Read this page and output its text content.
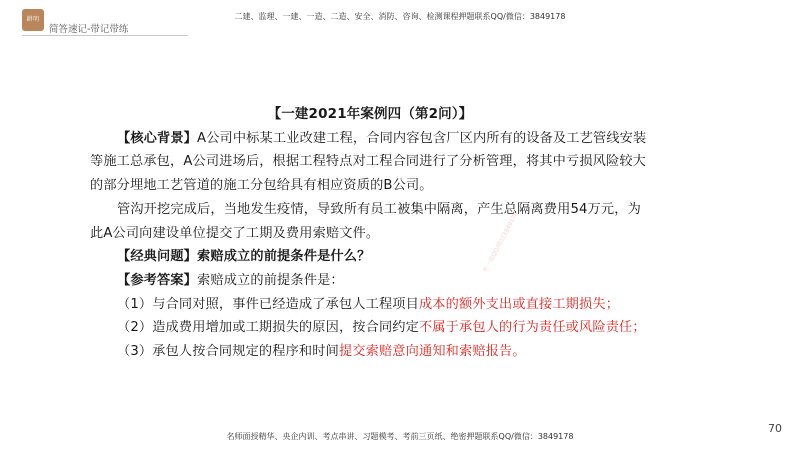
耕明
简答速记-带记带练
二建、监理、一建、一造、二造、安全、消防、咨询、检测课程押题联系QQ/微信：3849178

【一建2021年案例四（第2问）】

【核心背景】A公司中标某工业改建工程，合同内容包含厂区内所有的设备及工艺管线安装等施工总承包，A公司进场后，根据工程特点对工程合同进行了分析管理，将其中亏损风险较大的部分埋地工艺管道的施工分包给具有相应资质的B公司。

管沟开挖完成后，当地发生疫情，导致所有员工被集中隔离，产生总隔离费用54万元，为此A公司向建设单位提交了工期及费用索赔文件。

【经典问题】索赔成立的前提条件是什么？

【参考答案】索赔成立的前提条件是：

（1）与合同对照，事件已经造成了承包人工程项目成本的额外支出或直接工期损失；

（2）造成费用增加或工期损失的原因，按合同约定不属于承包人的行为责任或风险责任；

（3）承包人按合同规定的程序和时间提交索赔意向通知和索赔报告。

考一建QQ/微信3849178
70
名师面授精华、央企内训、考点串讲、习题模考、考前三页纸、绝密押题联系QQ/微信：3849178
